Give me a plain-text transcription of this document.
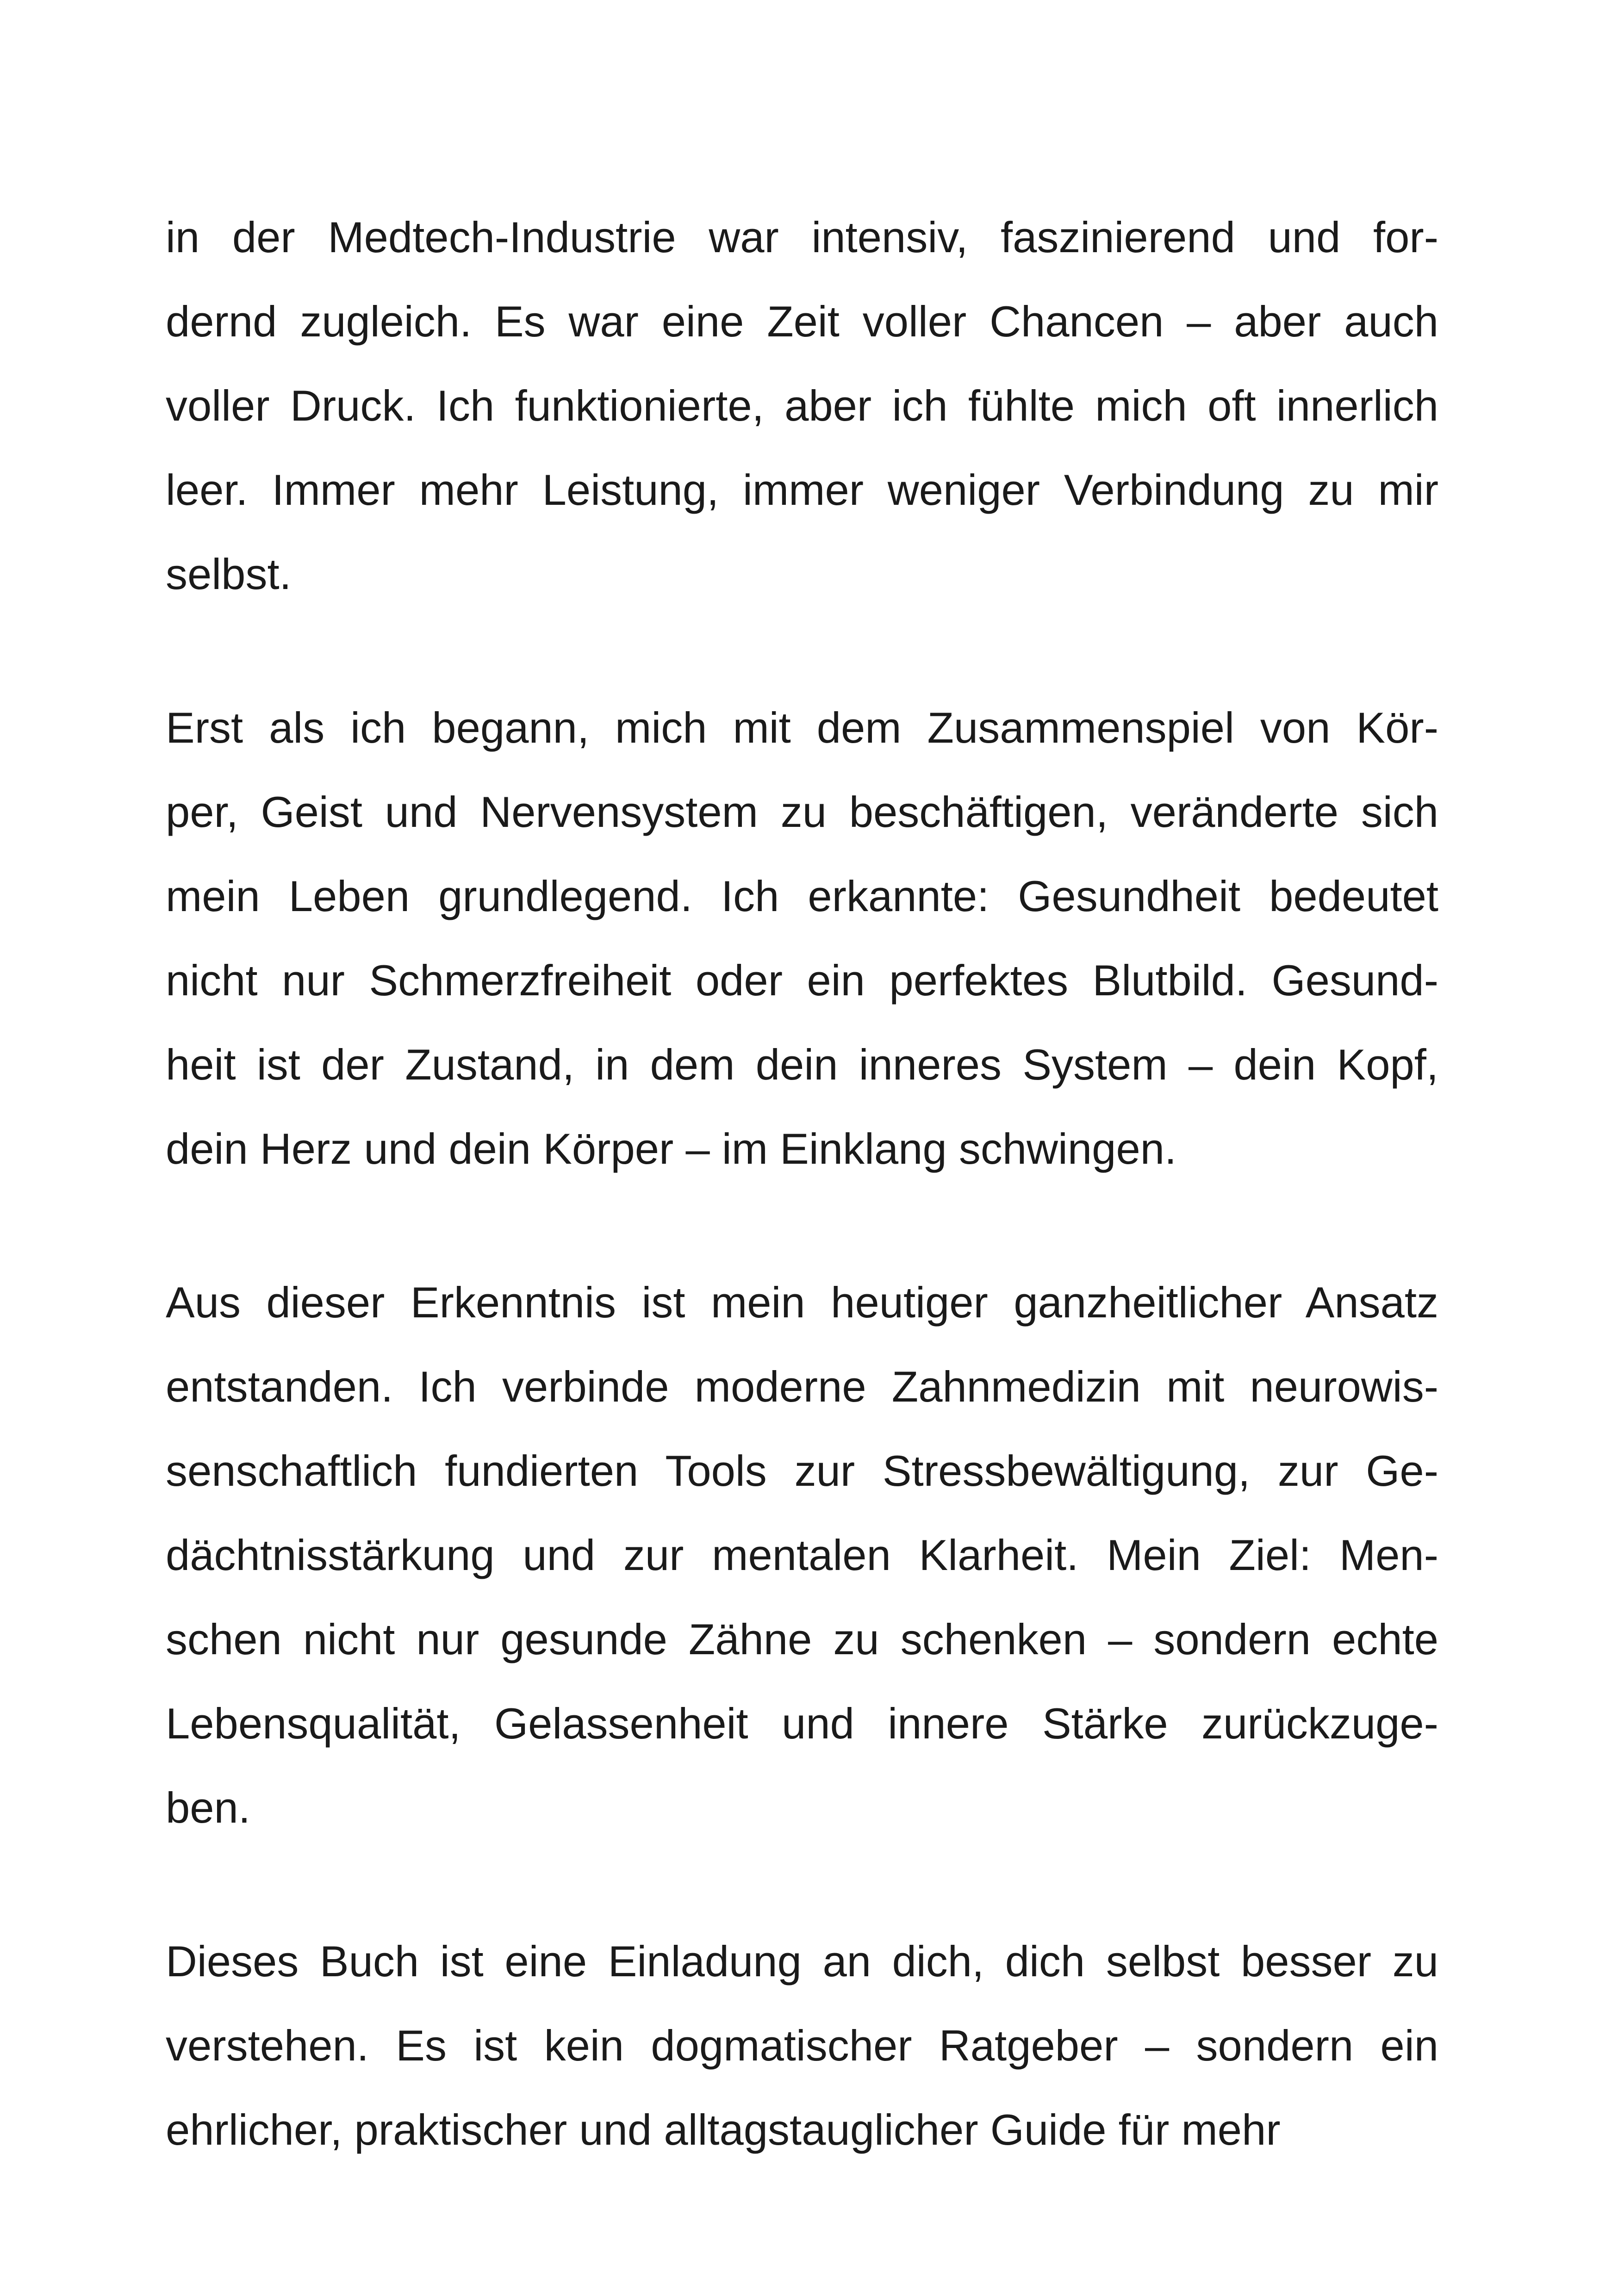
in der Medtech-Industrie war intensiv, faszinierend und for-
dernd zugleich. Es war eine Zeit voller Chancen – aber auch
voller Druck. Ich funktionierte, aber ich fühlte mich oft innerlich
leer. Immer mehr Leistung, immer weniger Verbindung zu mir
selbst.

Erst als ich begann, mich mit dem Zusammenspiel von Kör-
per, Geist und Nervensystem zu beschäftigen, veränderte sich
mein Leben grundlegend. Ich erkannte: Gesundheit bedeutet
nicht nur Schmerzfreiheit oder ein perfektes Blutbild. Gesund-
heit ist der Zustand, in dem dein inneres System – dein Kopf,
dein Herz und dein Körper – im Einklang schwingen.

Aus dieser Erkenntnis ist mein heutiger ganzheitlicher Ansatz
entstanden. Ich verbinde moderne Zahnmedizin mit neurowis-
senschaftlich fundierten Tools zur Stressbewältigung, zur Ge-
dächtnisstärkung und zur mentalen Klarheit. Mein Ziel: Men-
schen nicht nur gesunde Zähne zu schenken – sondern echte
Lebensqualität, Gelassenheit und innere Stärke zurückzuge-
ben.

Dieses Buch ist eine Einladung an dich, dich selbst besser zu
verstehen. Es ist kein dogmatischer Ratgeber – sondern ein
ehrlicher, praktischer und alltagstauglicher Guide für mehr
